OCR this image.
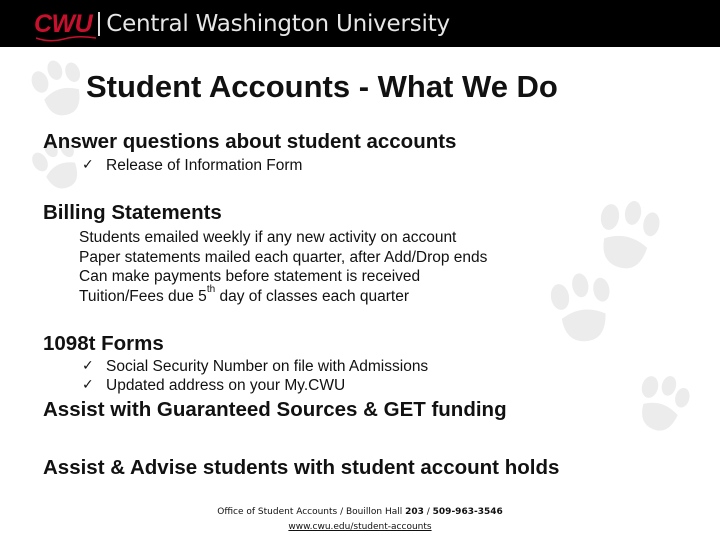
CWU Central Washington University
Student Accounts - What We Do
Answer questions about student accounts
✓ Release of Information Form
Billing Statements
Students emailed weekly if any new activity on account
Paper statements mailed each quarter, after Add/Drop ends
Can make payments before statement is received
Tuition/Fees due 5th day of classes each quarter
1098t Forms
✓ Social Security Number on file with Admissions
✓ Updated address on your My.CWU
Assist with Guaranteed Sources & GET funding
Assist & Advise students with student account holds
Office of Student Accounts / Bouillon Hall 203 / 509-963-3546
www.cwu.edu/student-accounts
